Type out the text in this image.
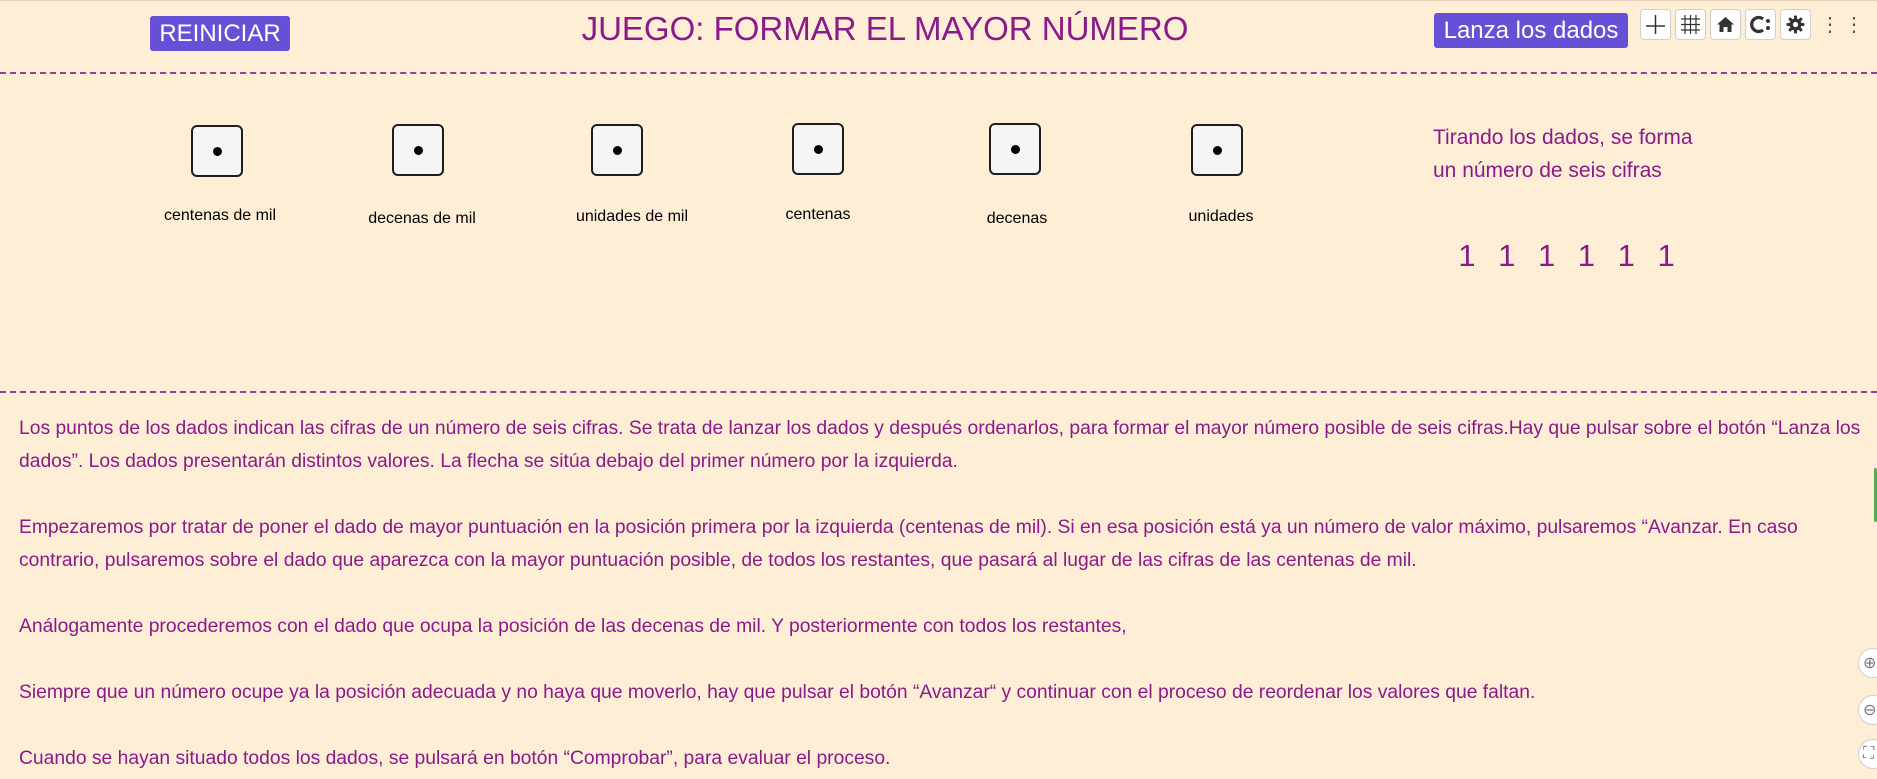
REINICIAR	JUEGO: FORMAR EL MAYOR NÚMERO	Lanza los dados	⋮ ⋮
centenas de mil	decenas de mil	unidades de mil	centenas	decenas	unidades
Tirando los dados, se forma
un número de seis cifras
1 1 1 1 1 1

Los puntos de los dados indican las cifras de un número de seis cifras. Se trata de lanzar los dados y después ordenarlos, para formar el mayor número posible de seis cifras.Hay que pulsar sobre el botón “Lanza los dados”. Los dados presentarán distintos valores. La flecha se sitúa debajo del primer número por la izquierda.

Empezaremos por tratar de poner el dado de mayor puntuación en la posición primera por la izquierda (centenas de mil). Si en esa posición está ya un número de valor máximo, pulsaremos “Avanzar. En caso contrario, pulsaremos sobre el dado que aparezca con la mayor puntuación posible, de todos los restantes, que pasará al lugar de las cifras de las centenas de mil.

Análogamente procederemos con el dado que ocupa la posición de las decenas de mil. Y posteriormente con todos los restantes,

Siempre que un número ocupe ya la posición adecuada y no haya que moverlo, hay que pulsar el botón “Avanzar“ y continuar con el proceso de reordenar los valores que faltan.

Cuando se hayan situado todos los dados, se pulsará en botón “Comprobar”, para evaluar el proceso.

⊕
⊖
⛶
